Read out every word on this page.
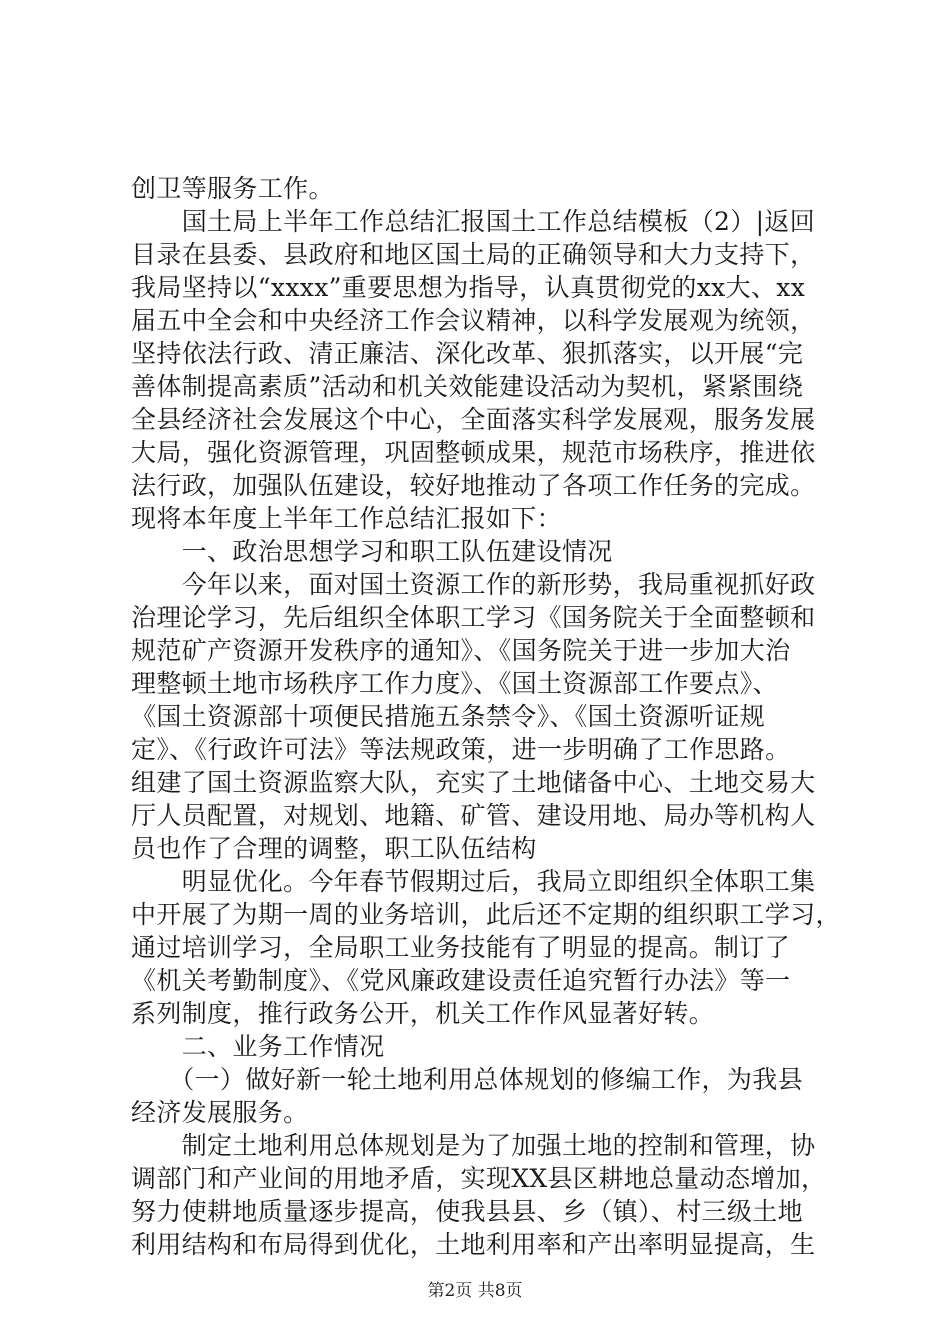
创卫等服务工作。
　　国土局上半年工作总结汇报国土工作总结模板（2）|返回
目录在县委、县政府和地区国土局的正确领导和大力支持下，
我局坚持以“xxxx”重要思想为指导，认真贯彻党的xx大、xx
届五中全会和中央经济工作会议精神，以科学发展观为统领，
坚持依法行政、清正廉洁、深化改革、狠抓落实，以开展“完
善体制提高素质”活动和机关效能建设活动为契机，紧紧围绕
全县经济社会发展这个中心，全面落实科学发展观，服务发展
大局，强化资源管理，巩固整顿成果，规范市场秩序，推进依
法行政，加强队伍建设，较好地推动了各项工作任务的完成。
现将本年度上半年工作总结汇报如下：
　　一、政治思想学习和职工队伍建设情况
　　今年以来，面对国土资源工作的新形势，我局重视抓好政
治理论学习，先后组织全体职工学习《国务院关于全面整顿和
规范矿产资源开发秩序的通知》、《国务院关于进一步加大治
理整顿土地市场秩序工作力度》、《国土资源部工作要点》、
《国土资源部十项便民措施五条禁令》、《国土资源听证规
定》、《行政许可法》等法规政策，进一步明确了工作思路。
组建了国土资源监察大队，充实了土地储备中心、土地交易大
厅人员配置，对规划、地籍、矿管、建设用地、局办等机构人
员也作了合理的调整，职工队伍结构
　　明显优化。今年春节假期过后，我局立即组织全体职工集
中开展了为期一周的业务培训，此后还不定期的组织职工学习，
通过培训学习，全局职工业务技能有了明显的提高。制订了
《机关考勤制度》、《党风廉政建设责任追究暂行办法》等一
系列制度，推行政务公开，机关工作作风显著好转。
　　二、业务工作情况
　　（一）做好新一轮土地利用总体规划的修编工作，为我县
经济发展服务。
　　制定土地利用总体规划是为了加强土地的控制和管理，协
调部门和产业间的用地矛盾，实现XX县区耕地总量动态增加，
努力使耕地质量逐步提高，使我县县、乡（镇）、村三级土地
利用结构和布局得到优化，土地利用率和产出率明显提高，生
第2页 共8页
